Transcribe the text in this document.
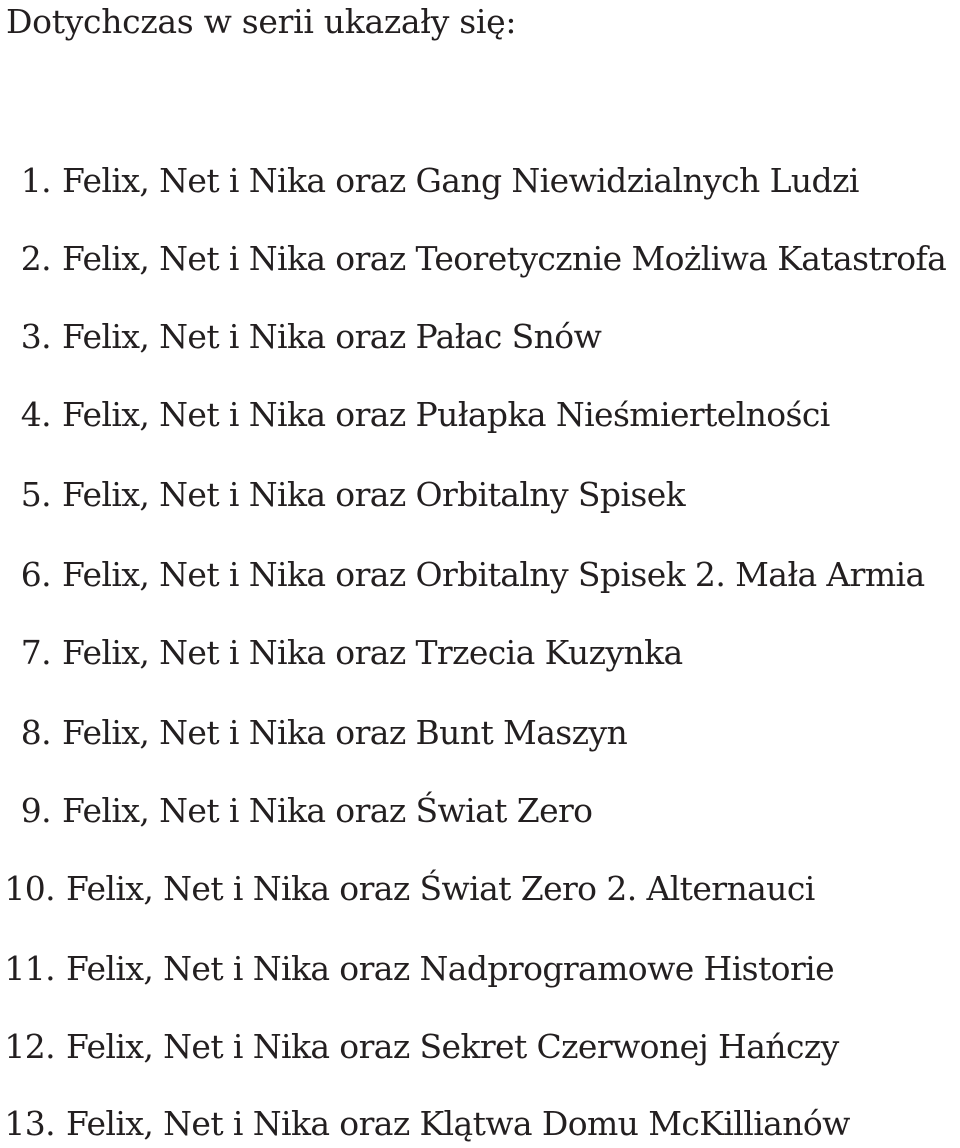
Dotychczas w serii ukazały się:
1. Felix, Net i Nika oraz Gang Niewidzialnych Ludzi
2. Felix, Net i Nika oraz Teoretycznie Możliwa Katastrofa
3. Felix, Net i Nika oraz Pałac Snów
4. Felix, Net i Nika oraz Pułapka Nieśmiertelności
5. Felix, Net i Nika oraz Orbitalny Spisek
6. Felix, Net i Nika oraz Orbitalny Spisek 2. Mała Armia
7. Felix, Net i Nika oraz Trzecia Kuzynka
8. Felix, Net i Nika oraz Bunt Maszyn
9. Felix, Net i Nika oraz Świat Zero
10. Felix, Net i Nika oraz Świat Zero 2. Alternauci
11. Felix, Net i Nika oraz Nadprogramowe Historie
12. Felix, Net i Nika oraz Sekret Czerwonej Hańczy
13. Felix, Net i Nika oraz Klątwa Domu McKillianów
